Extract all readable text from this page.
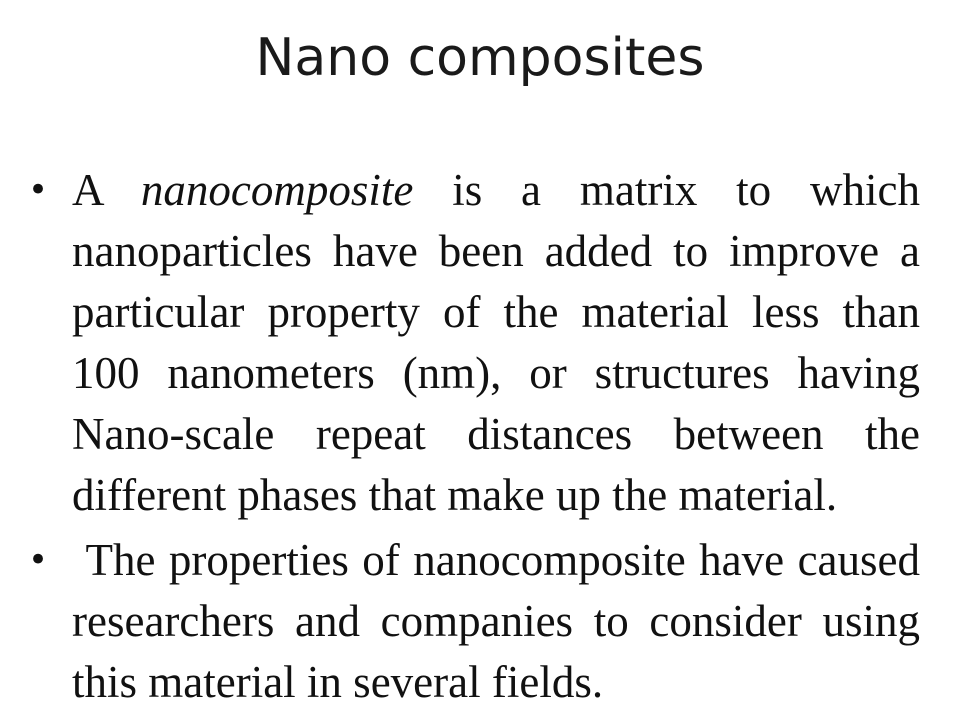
Nano composites
• A nanocomposite is a matrix to which nanoparticles have been added to improve a particular property of the material less than 100 nanometers (nm), or structures having Nano-scale repeat distances between the different phases that make up the material.
• The properties of nanocomposite have caused researchers and companies to consider using this material in several fields.
